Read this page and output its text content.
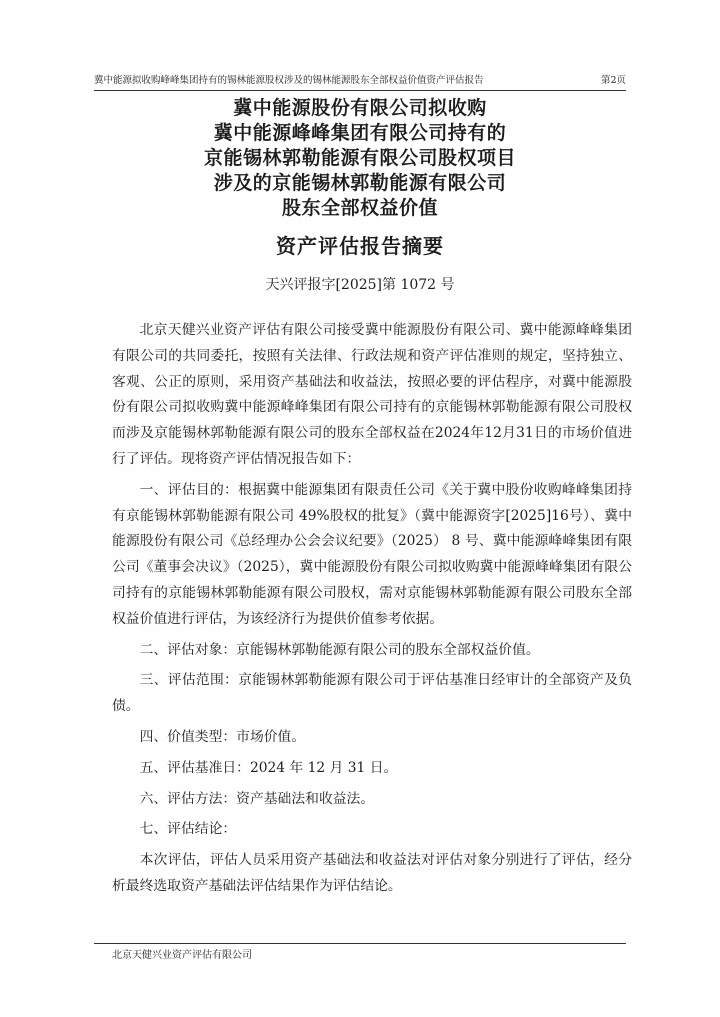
冀中能源拟收购峰峰集团持有的锡林能源股权涉及的锡林能源股东全部权益价值资产评估报告	第2页
冀中能源股份有限公司拟收购
冀中能源峰峰集团有限公司持有的
京能锡林郭勒能源有限公司股权项目
涉及的京能锡林郭勒能源有限公司
股东全部权益价值
资产评估报告摘要
天兴评报字[2025]第 1072 号

北京天健兴业资产评估有限公司接受冀中能源股份有限公司、冀中能源峰峰集团有限公司的共同委托，按照有关法律、行政法规和资产评估准则的规定，坚持独立、客观、公正的原则，采用资产基础法和收益法，按照必要的评估程序，对冀中能源股份有限公司拟收购冀中能源峰峰集团有限公司持有的京能锡林郭勒能源有限公司股权而涉及京能锡林郭勒能源有限公司的股东全部权益在2024年12月31日的市场价值进行了评估。现将资产评估情况报告如下：

一、评估目的：根据冀中能源集团有限责任公司《关于冀中股份收购峰峰集团持有京能锡林郭勒能源有限公司 49%股权的批复》（冀中能源资字[2025]16号）、冀中能源股份有限公司《总经理办公会会议纪要》（2025） 8 号、冀中能源峰峰集团有限公司《董事会决议》（2025），冀中能源股份有限公司拟收购冀中能源峰峰集团有限公司持有的京能锡林郭勒能源有限公司股权，需对京能锡林郭勒能源有限公司股东全部权益价值进行评估，为该经济行为提供价值参考依据。

二、评估对象：京能锡林郭勒能源有限公司的股东全部权益价值。

三、评估范围：京能锡林郭勒能源有限公司于评估基准日经审计的全部资产及负债。

四、价值类型：市场价值。

五、评估基准日：2024 年 12 月 31 日。

六、评估方法：资产基础法和收益法。

七、评估结论：

本次评估，评估人员采用资产基础法和收益法对评估对象分别进行了评估，经分析最终选取资产基础法评估结果作为评估结论。

北京天健兴业资产评估有限公司
